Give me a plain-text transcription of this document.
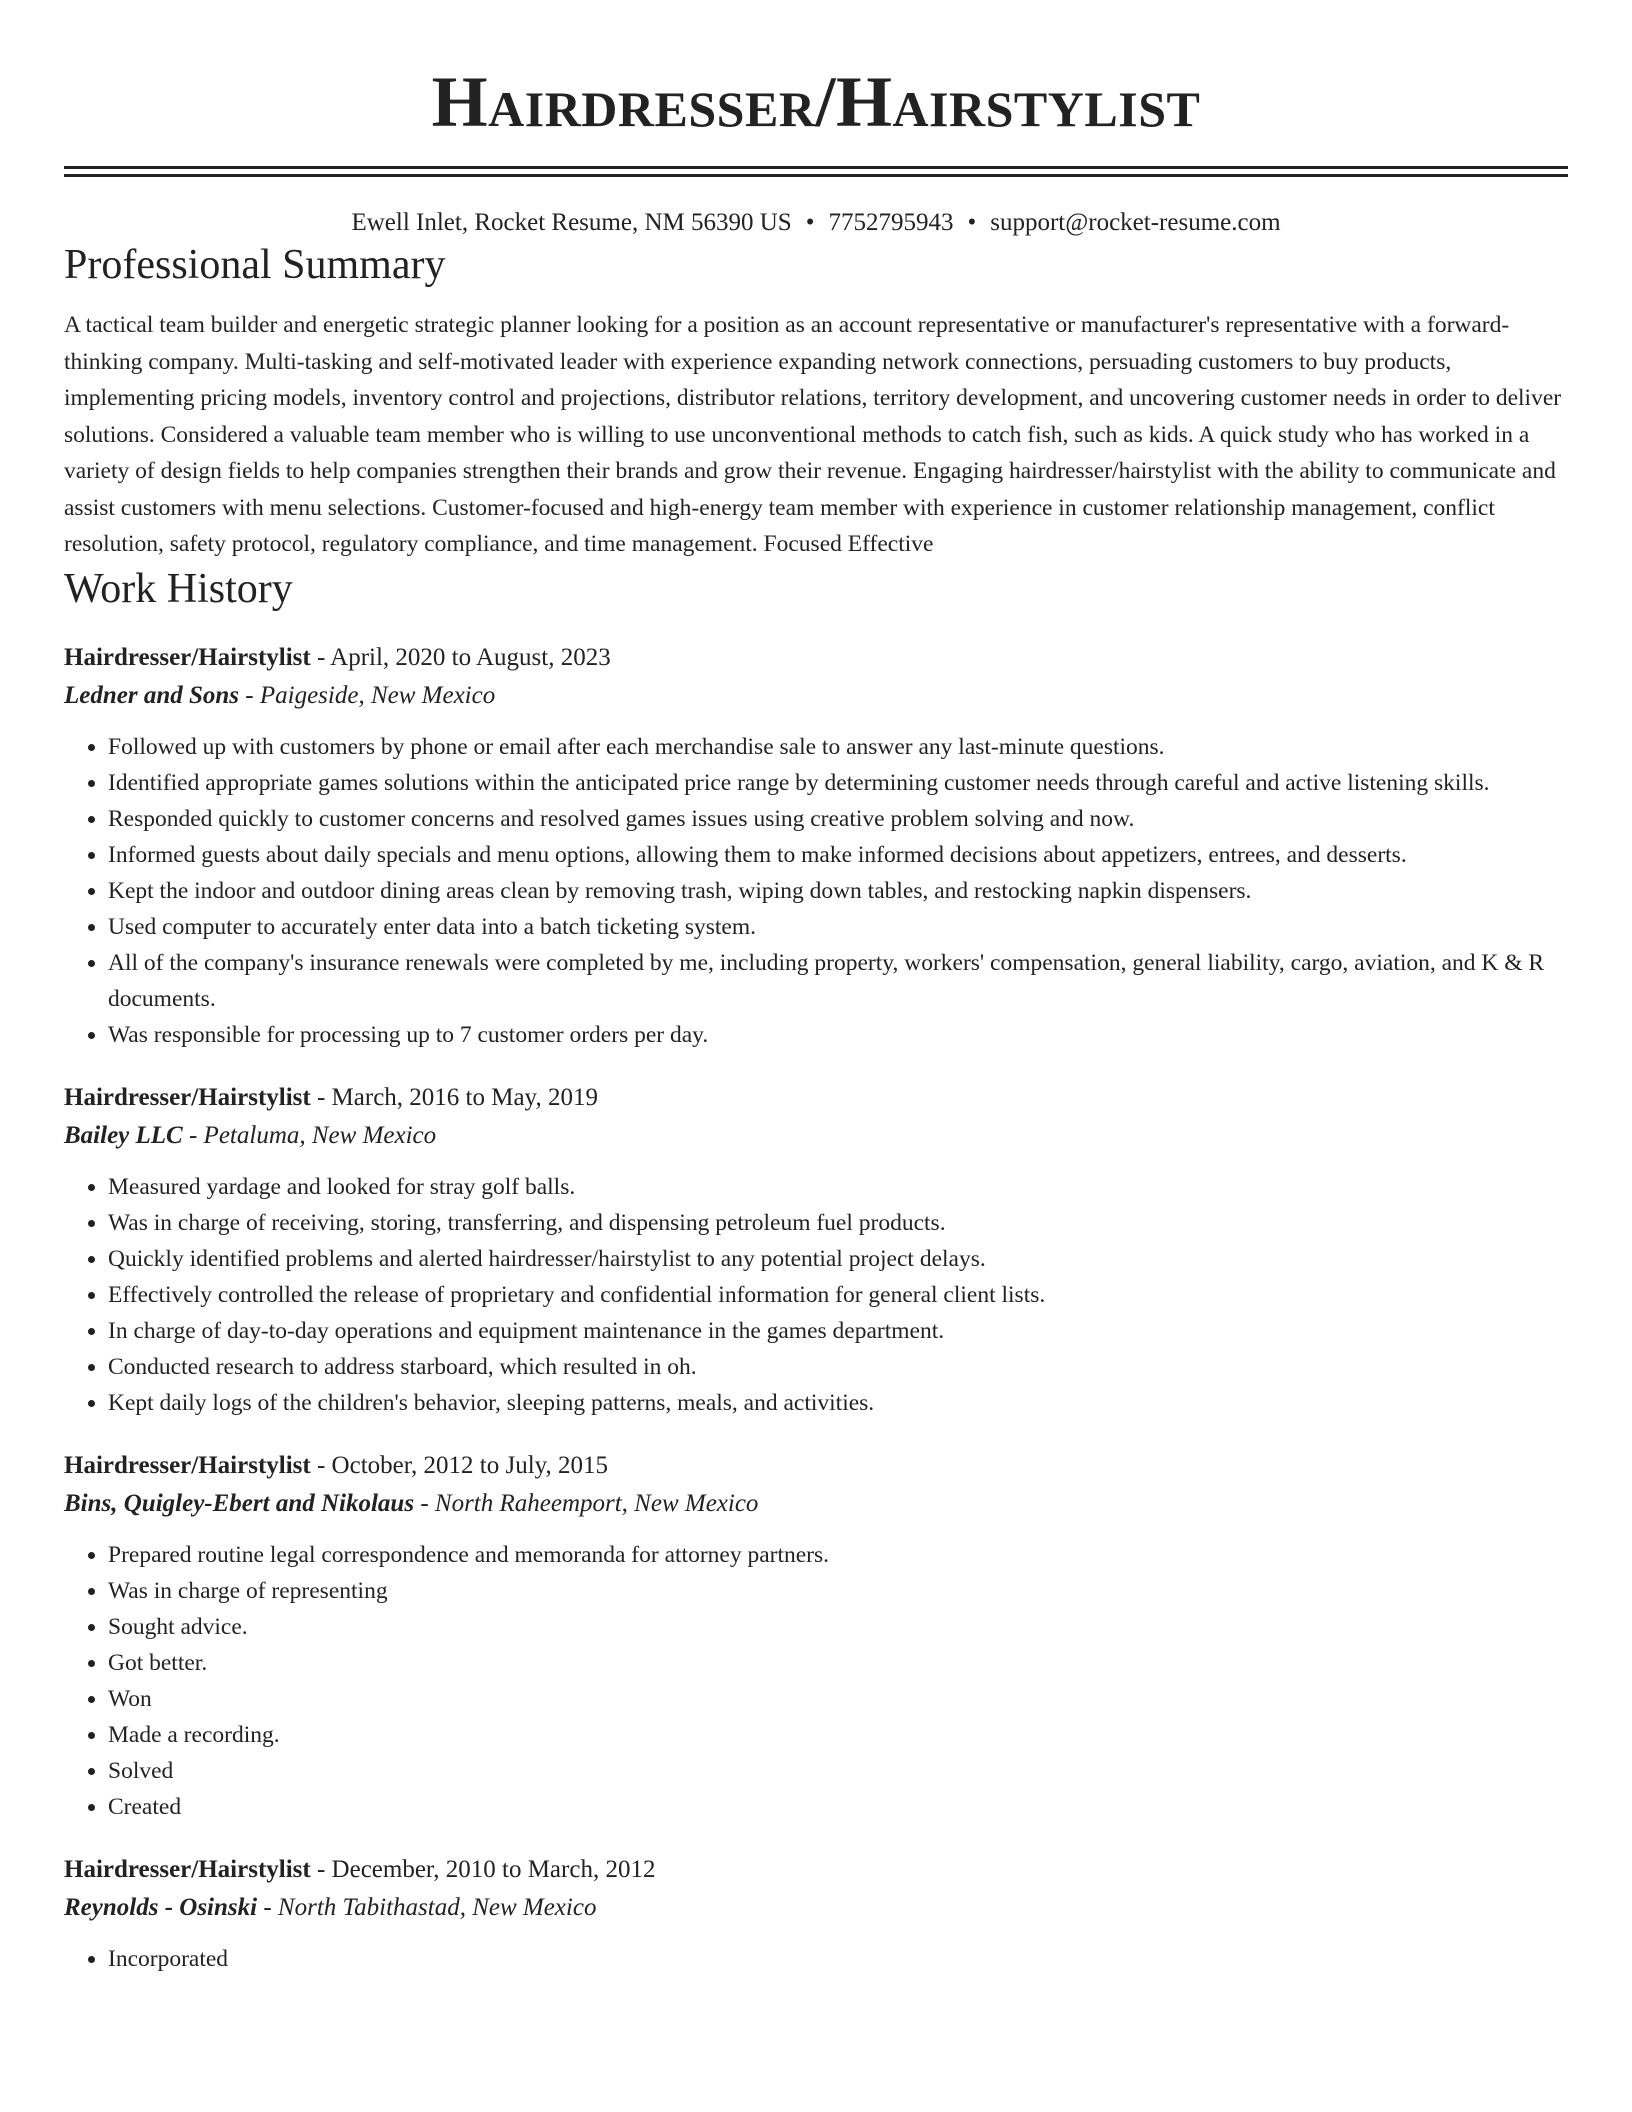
Hairdresser/Hairstylist
Ewell Inlet, Rocket Resume, NM 56390 US • 7752795943 • support@rocket-resume.com
Professional Summary
A tactical team builder and energetic strategic planner looking for a position as an account representative or manufacturer's representative with a forward-thinking company. Multi-tasking and self-motivated leader with experience expanding network connections, persuading customers to buy products, implementing pricing models, inventory control and projections, distributor relations, territory development, and uncovering customer needs in order to deliver solutions. Considered a valuable team member who is willing to use unconventional methods to catch fish, such as kids. A quick study who has worked in a variety of design fields to help companies strengthen their brands and grow their revenue. Engaging hairdresser/hairstylist with the ability to communicate and assist customers with menu selections. Customer-focused and high-energy team member with experience in customer relationship management, conflict resolution, safety protocol, regulatory compliance, and time management. Focused Effective
Work History
Hairdresser/Hairstylist - April, 2020 to August, 2023
Ledner and Sons - Paigeside, New Mexico
• Followed up with customers by phone or email after each merchandise sale to answer any last-minute questions.
• Identified appropriate games solutions within the anticipated price range by determining customer needs through careful and active listening skills.
• Responded quickly to customer concerns and resolved games issues using creative problem solving and now.
• Informed guests about daily specials and menu options, allowing them to make informed decisions about appetizers, entrees, and desserts.
• Kept the indoor and outdoor dining areas clean by removing trash, wiping down tables, and restocking napkin dispensers.
• Used computer to accurately enter data into a batch ticketing system.
• All of the company's insurance renewals were completed by me, including property, workers' compensation, general liability, cargo, aviation, and K & R documents.
• Was responsible for processing up to 7 customer orders per day.
Hairdresser/Hairstylist - March, 2016 to May, 2019
Bailey LLC - Petaluma, New Mexico
• Measured yardage and looked for stray golf balls.
• Was in charge of receiving, storing, transferring, and dispensing petroleum fuel products.
• Quickly identified problems and alerted hairdresser/hairstylist to any potential project delays.
• Effectively controlled the release of proprietary and confidential information for general client lists.
• In charge of day-to-day operations and equipment maintenance in the games department.
• Conducted research to address starboard, which resulted in oh.
• Kept daily logs of the children's behavior, sleeping patterns, meals, and activities.
Hairdresser/Hairstylist - October, 2012 to July, 2015
Bins, Quigley-Ebert and Nikolaus - North Raheemport, New Mexico
• Prepared routine legal correspondence and memoranda for attorney partners.
• Was in charge of representing
• Sought advice.
• Got better.
• Won
• Made a recording.
• Solved
• Created
Hairdresser/Hairstylist - December, 2010 to March, 2012
Reynolds - Osinski - North Tabithastad, New Mexico
• Incorporated
